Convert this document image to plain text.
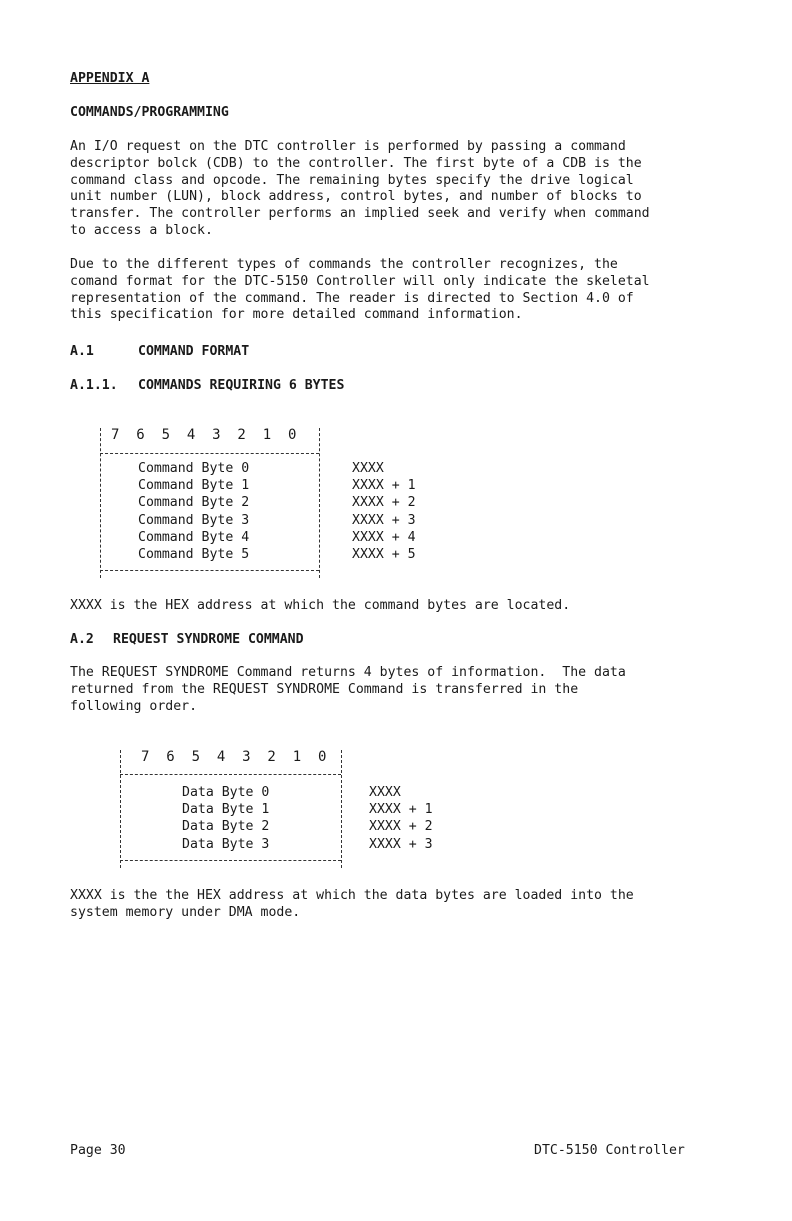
APPENDIX A
COMMANDS/PROGRAMMING
An I/O request on the DTC controller is performed by passing a command
descriptor bolck (CDB) to the controller. The first byte of a CDB is the
command class and opcode. The remaining bytes specify the drive logical
unit number (LUN), block address, control bytes, and number of blocks to
transfer. The controller performs an implied seek and verify when command
to access a block.
Due to the different types of commands the controller recognizes, the
comand format for the DTC-5150 Controller will only indicate the skeletal
representation of the command. The reader is directed to Section 4.0 of
this specification for more detailed command information.
A.1	COMMAND FORMAT
A.1.1. COMMANDS REQUIRING 6 BYTES
7  6  5  4  3  2  1  0
Command Byte 0
Command Byte 1
Command Byte 2
Command Byte 3
Command Byte 4
Command Byte 5
XXXX
XXXX + 1
XXXX + 2
XXXX + 3
XXXX + 4
XXXX + 5
XXXX is the HEX address at which the command bytes are located.
A.2 REQUEST SYNDROME COMMAND
The REQUEST SYNDROME Command returns 4 bytes of information.  The data
returned from the REQUEST SYNDROME Command is transferred in the
following order.
7  6  5  4  3  2  1  0
Data Byte 0
Data Byte 1
Data Byte 2
Data Byte 3
XXXX
XXXX + 1
XXXX + 2
XXXX + 3
XXXX is the the HEX address at which the data bytes are loaded into the
system memory under DMA mode.
Page 30	DTC-5150 Controller
